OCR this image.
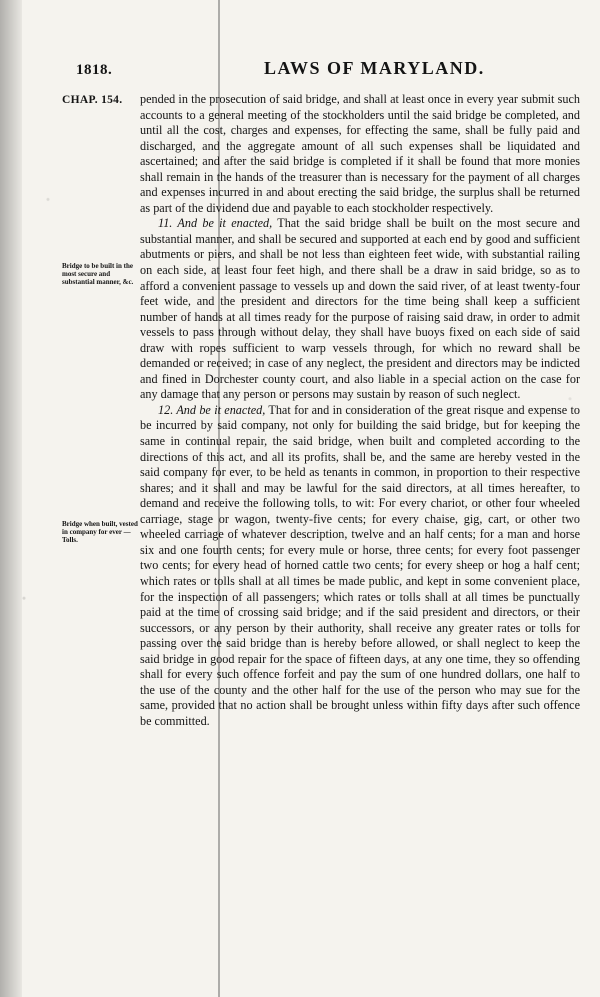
1818.	LAWS OF MARYLAND.
CHAP. 154.
Bridge to be built in the most secure and substantial manner, &c.
Bridge when built, vested in company for ever —Tolls.

pended in the prosecution of said bridge, and shall at least once in every year submit such accounts to a general meeting of the stockholders until the said bridge be completed, and until all the cost, charges and expenses, for effecting the same, shall be fully paid and discharged, and the aggregate amount of all such expenses shall be liquidated and ascertained; and after the said bridge is completed if it shall be found that more monies shall remain in the hands of the treasurer than is necessary for the payment of all charges and expenses incurred in and about erecting the said bridge, the surplus shall be returned as part of the dividend due and payable to each stockholder respectively.

11. And be it enacted, That the said bridge shall be built on the most secure and substantial manner, and shall be secured and supported at each end by good and sufficient abutments or piers, and shall be not less than eighteen feet wide, with substantial railing on each side, at least four feet high, and there shall be a draw in said bridge, so as to afford a convenient passage to vessels up and down the said river, of at least twenty-four feet wide, and the president and directors for the time being shall keep a sufficient number of hands at all times ready for the purpose of raising said draw, in order to admit vessels to pass through without delay, they shall have buoys fixed on each side of said draw with ropes sufficient to warp vessels through, for which no reward shall be demanded or received; in case of any neglect, the president and directors may be indicted and fined in Dorchester county court, and also liable in a special action on the case for any damage that any person or persons may sustain by reason of such neglect.

12. And be it enacted, That for and in consideration of the great risque and expense to be incurred by said company, not only for building the said bridge, but for keeping the same in continual repair, the said bridge, when built and completed according to the directions of this act, and all its profits, shall be, and the same are hereby vested in the said company for ever, to be held as tenants in common, in proportion to their respective shares; and it shall and may be lawful for the said directors, at all times hereafter, to demand and receive the following tolls, to wit: For every chariot, or other four wheeled carriage, stage or wagon, twenty-five cents; for every chaise, gig, cart, or other two wheeled carriage of whatever description, twelve and an half cents; for a man and horse six and one fourth cents; for every mule or horse, three cents; for every foot passenger two cents; for every head of horned cattle two cents; for every sheep or hog a half cent; which rates or tolls shall at all times be made public, and kept in some convenient place, for the inspection of all passengers; which rates or tolls shall at all times be punctually paid at the time of crossing said bridge; and if the said president and directors, or their successors, or any person by their authority, shall receive any greater rates or tolls for passing over the said bridge than is hereby before allowed, or shall neglect to keep the said bridge in good repair for the space of fifteen days, at any one time, they so offending shall for every such offence forfeit and pay the sum of one hundred dollars, one half to the use of the county and the other half for the use of the person who may sue for the same, provided that no action shall be brought unless within fifty days after such offence be committed.
